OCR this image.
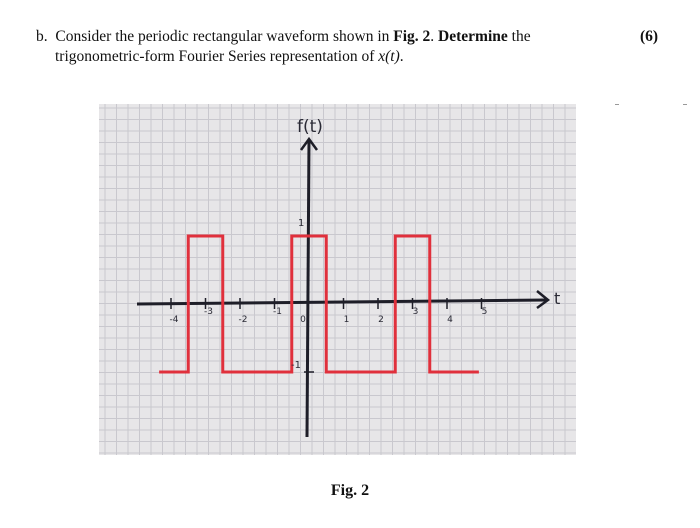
b. Consider the periodic rectangular waveform shown in Fig. 2. Determine the
trigonometric-form Fourier Series representation of x(t).
(6)
f(t)
t
1
-1
-4
-3
-2
-1
0	1	2
3
4
5
Fig. 2
